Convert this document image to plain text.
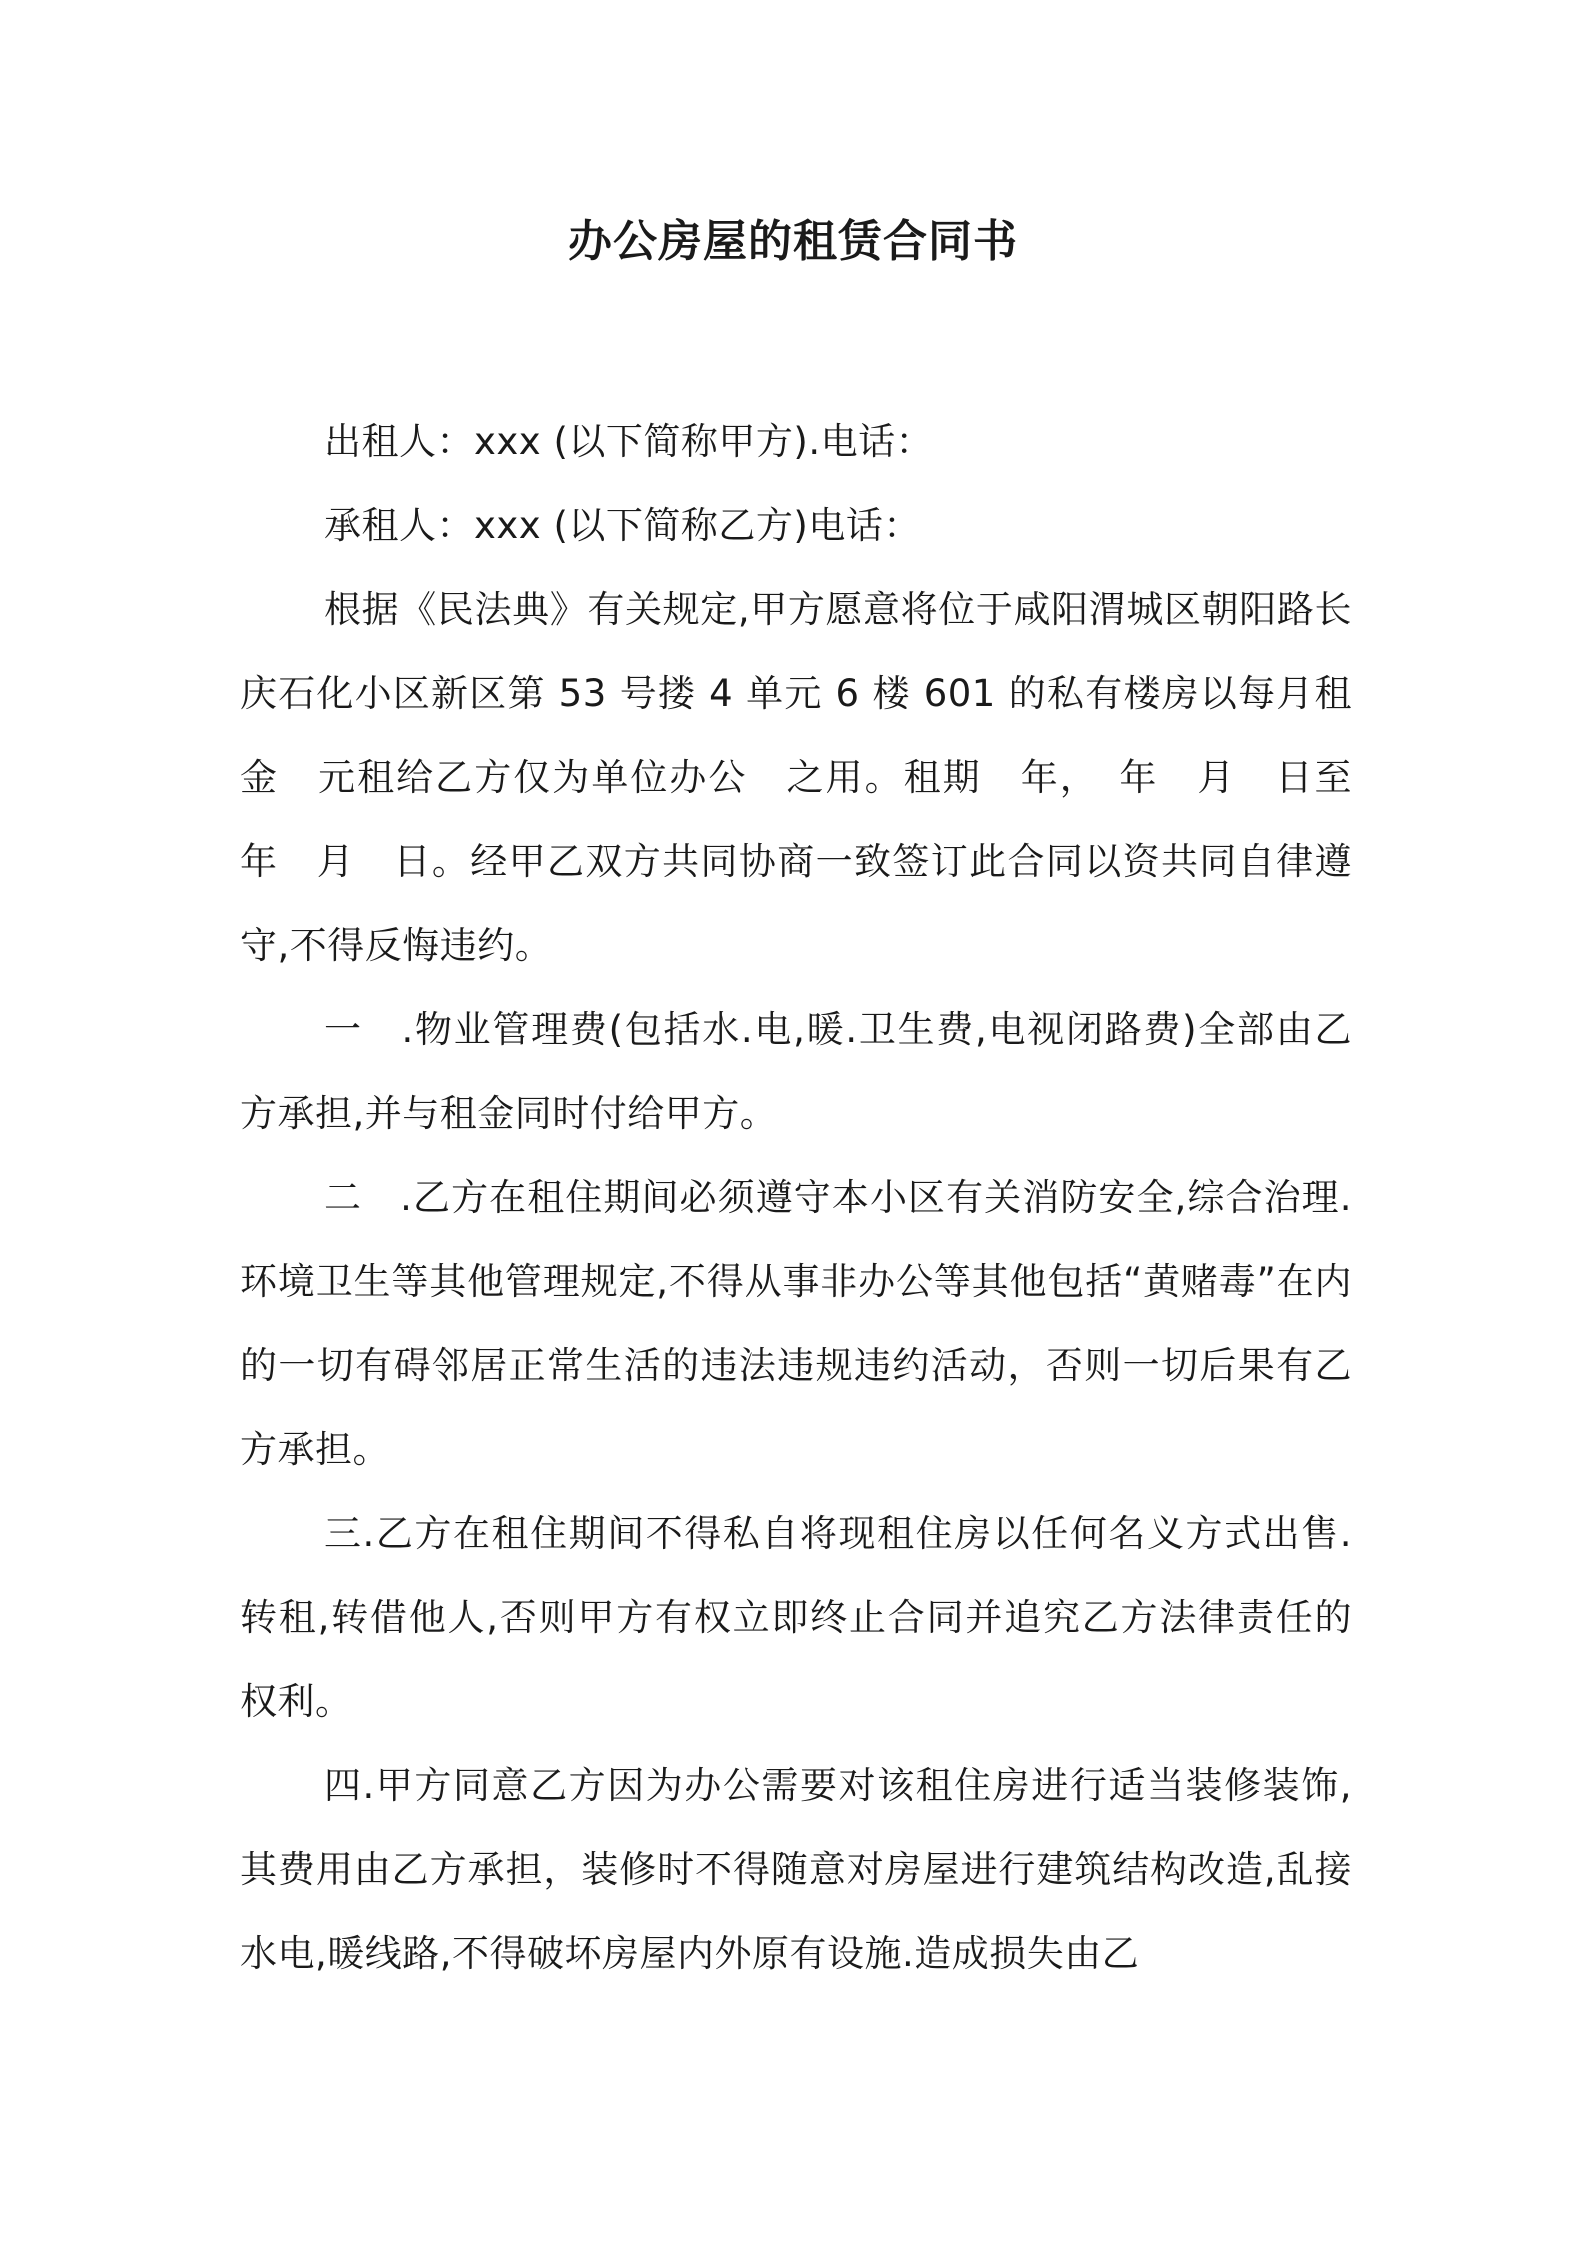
办公房屋的租赁合同书

出租人：xxx (以下简称甲方).电话：

承租人：xxx (以下简称乙方)电话：

根据《民法典》有关规定,甲方愿意将位于咸阳渭城区朝阳路长庆石化小区新区第 53 号搂 4 单元 6 楼 601 的私有楼房以每月租金　元租给乙方仅为单位办公　之用。租期　年，　年　月　日至　年　月　日。经甲乙双方共同协商一致签订此合同以资共同自律遵守,不得反悔违约。

一　.物业管理费(包括水.电,暖.卫生费,电视闭路费)全部由乙方承担,并与租金同时付给甲方。

二　.乙方在租住期间必须遵守本小区有关消防安全,综合治理.环境卫生等其他管理规定,不得从事非办公等其他包括“黄赌毒”在内的一切有碍邻居正常生活的违法违规违约活动，否则一切后果有乙方承担。

三.乙方在租住期间不得私自将现租住房以任何名义方式出售.转租,转借他人,否则甲方有权立即终止合同并追究乙方法律责任的权利。

四.甲方同意乙方因为办公需要对该租住房进行适当装修装饰,其费用由乙方承担，装修时不得随意对房屋进行建筑结构改造,乱接水电,暖线路,不得破坏房屋内外原有设施.造成损失由乙
